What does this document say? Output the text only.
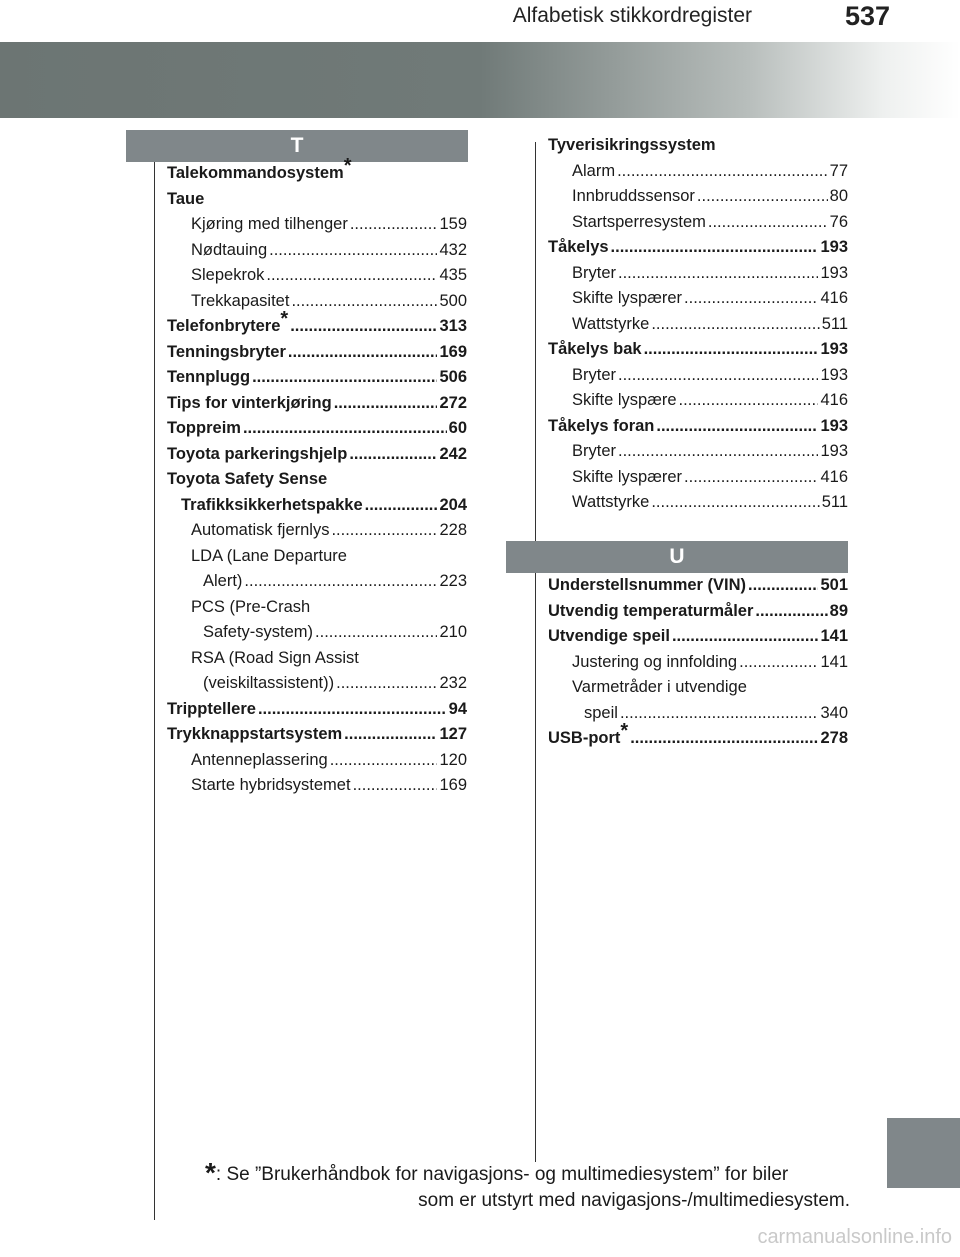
Alfabetisk stikkordregister	537
T
U
Talekommandosystem*
Taue
Kjøring med tilhenger .....	159
Nødtauing .....	432
Slepekrok .....	435
Trekkapasitet .....	500
Telefonbrytere* .....	313
Tenningsbryter .....	169
Tennplugg .....	506
Tips for vinterkjøring .....	272
Toppreim .....	60
Toyota parkeringshjelp .....	242
Toyota Safety Sense
Trafikksikkerhetspakke .....	204
Automatisk fjernlys .....	228
LDA (Lane Departure
Alert) .....	223
PCS (Pre-Crash
Safety-system) .....	210
RSA (Road Sign Assist
(veiskiltassistent)) .....	232
Tripptellere .....	94
Trykknappstartsystem .....	127
Antenneplassering .....	120
Starte hybridsystemet .....	169
Tyverisikringssystem
Alarm .....	77
Innbruddssensor .....	80
Startsperresystem .....	76
Tåkelys .....	193
Bryter .....	193
Skifte lyspærer .....	416
Wattstyrke .....	511
Tåkelys bak .....	193
Bryter .....	193
Skifte lyspære .....	416
Tåkelys foran .....	193
Bryter .....	193
Skifte lyspærer .....	416
Wattstyrke .....	511
Understellsnummer (VIN) .....	501
Utvendig temperaturmåler .....	89
Utvendige speil .....	141
Justering og innfolding .....	141
Varmetråder i utvendige
speil .....	340
USB-port* .....	278
*: Se ”Brukerhåndbok for navigasjons- og multimediesystem” for biler
som er utstyrt med navigasjons-/multimediesystem.
carmanualsonline.info
